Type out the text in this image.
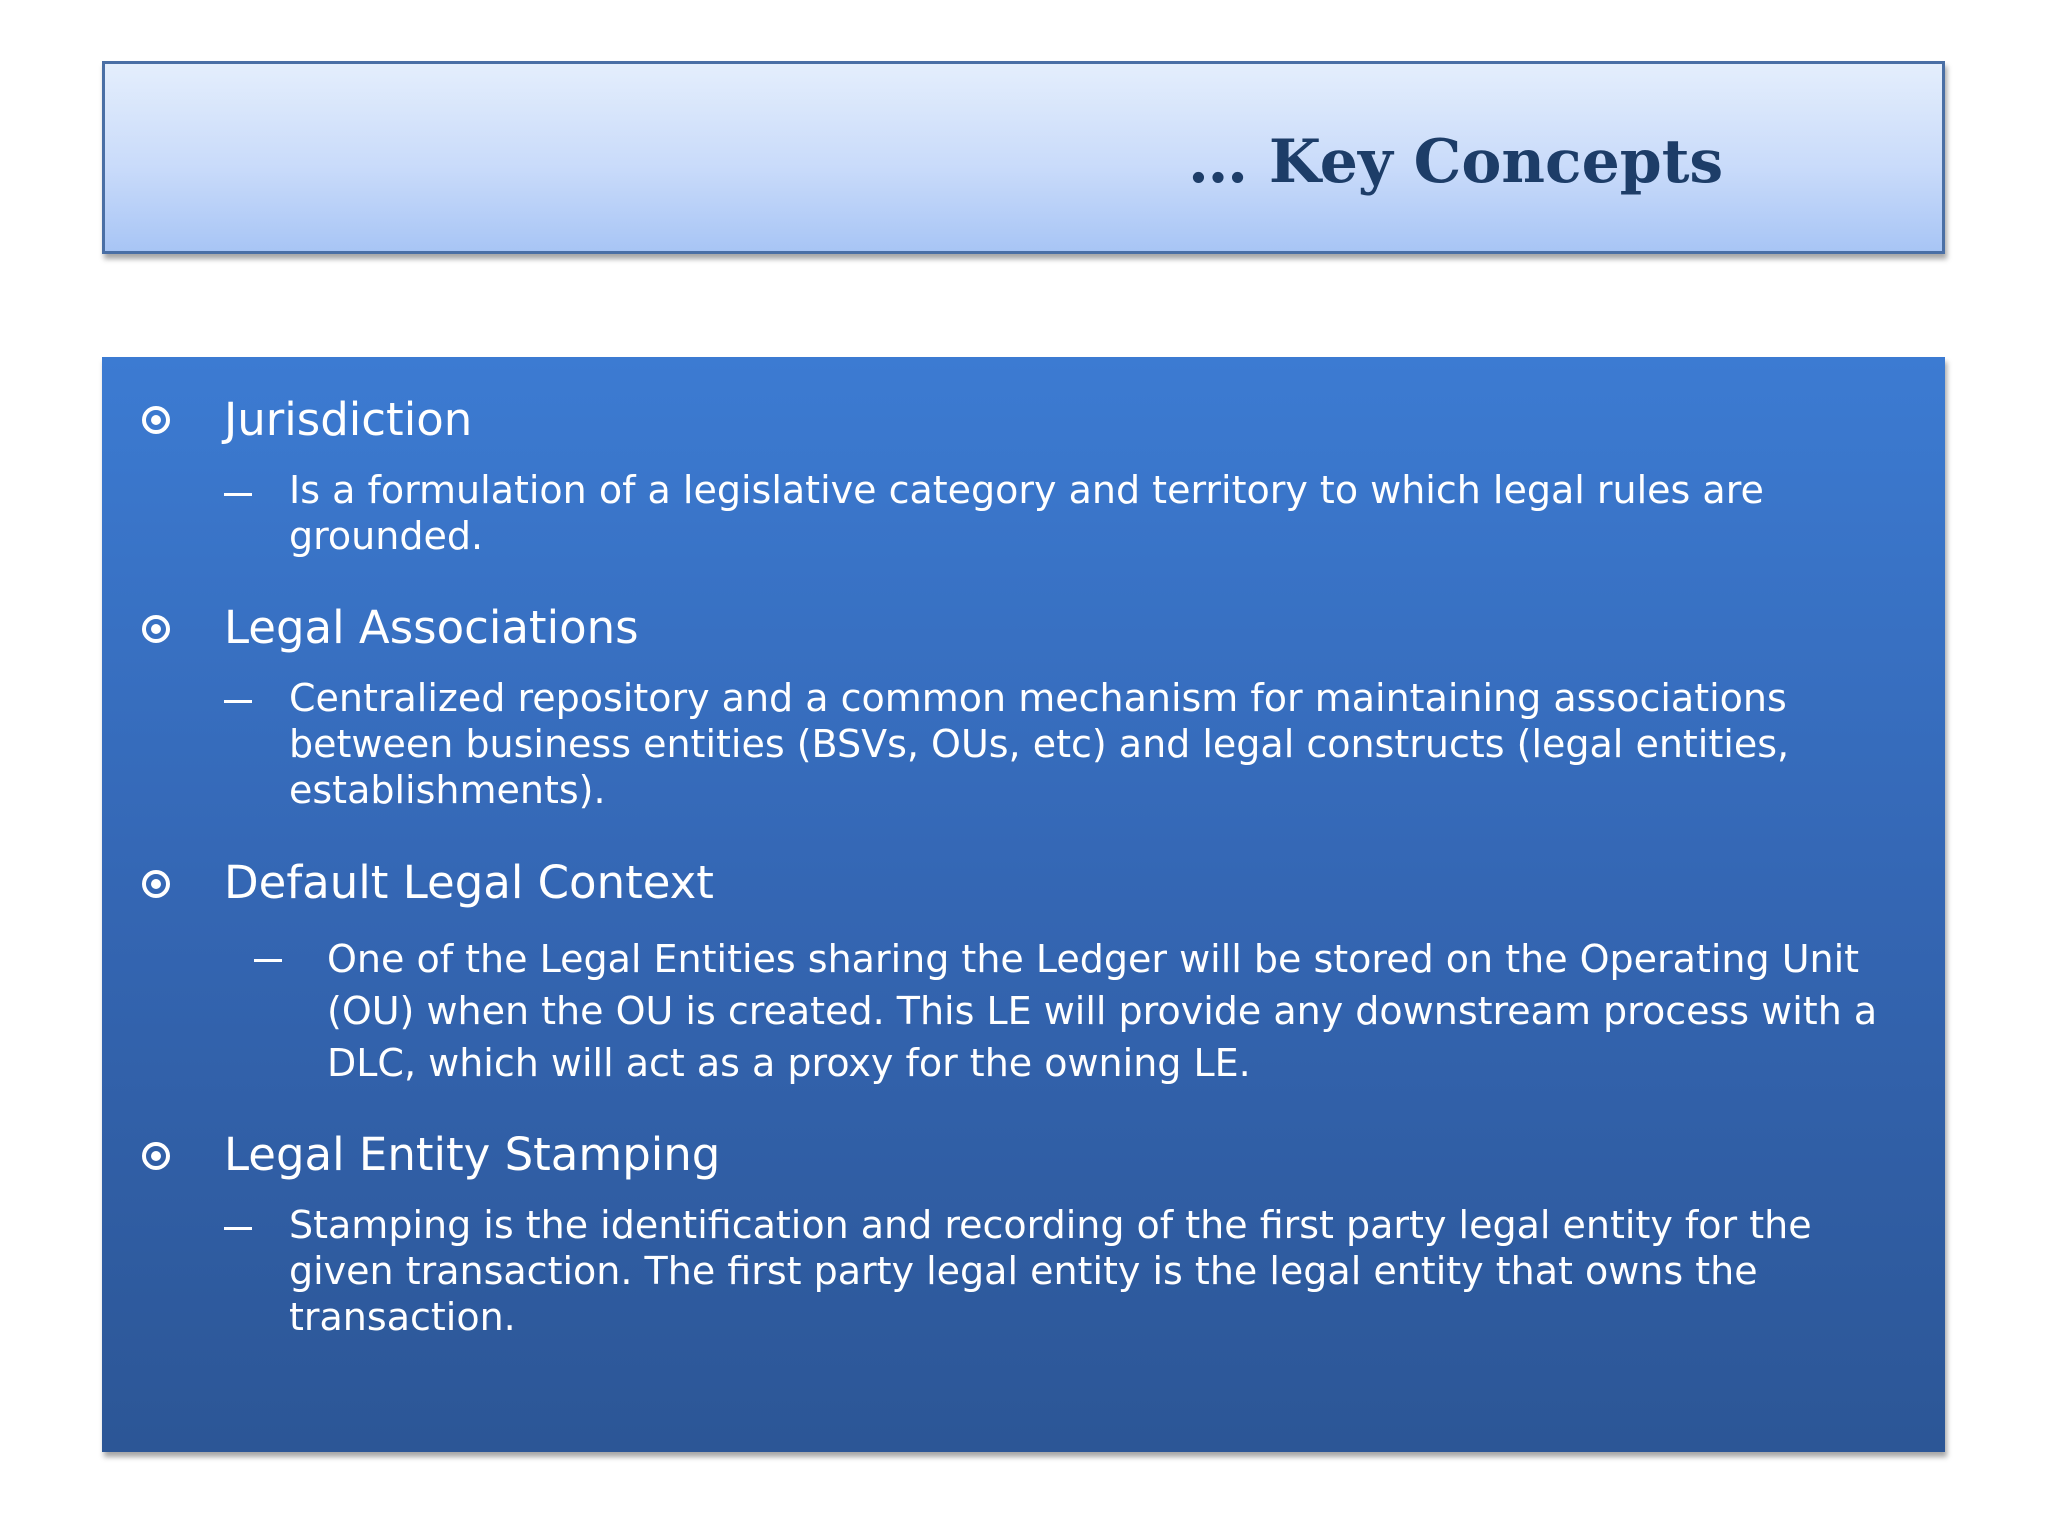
… Key Concepts

Jurisdiction

Is a formulation of a legislative category and territory to which legal rules are grounded.

Legal Associations

Centralized repository and a common mechanism for maintaining associations between business entities (BSVs, OUs, etc) and legal constructs (legal entities, establishments).

Default Legal Context

One of the Legal Entities sharing the Ledger will be stored on the Operating Unit (OU) when the OU is created. This LE will provide any downstream process with a DLC, which will act as a proxy for the owning LE.

Legal Entity Stamping

Stamping is the identification and recording of the first party legal entity for the given transaction. The first party legal entity is the legal entity that owns the transaction.
